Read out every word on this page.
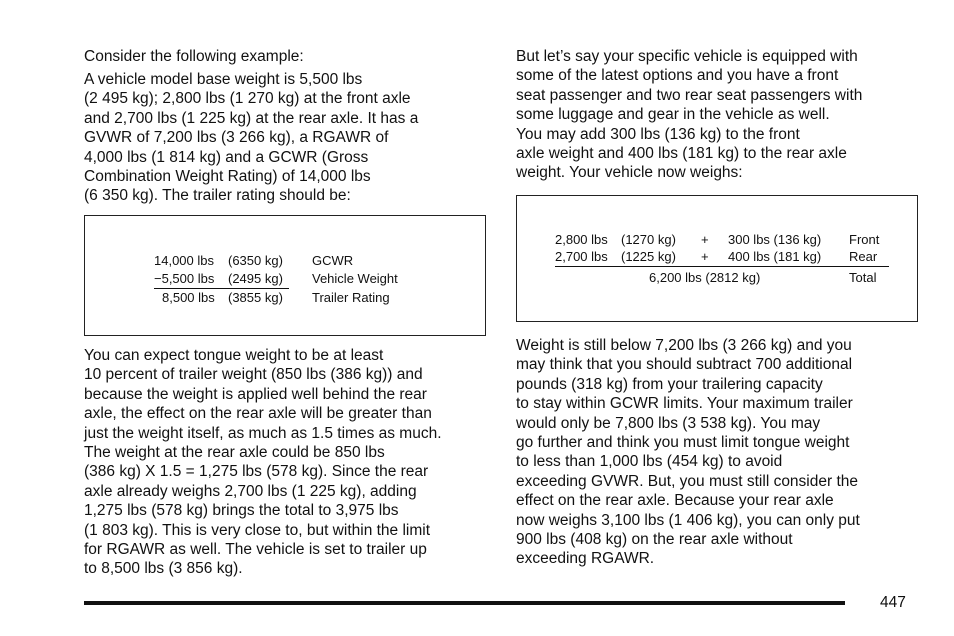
Consider the following example:

A vehicle model base weight is 5,500 lbs
(2 495 kg); 2,800 lbs (1 270 kg) at the front axle
and 2,700 lbs (1 225 kg) at the rear axle. It has a
GVWR of 7,200 lbs (3 266 kg), a RGAWR of
4,000 lbs (1 814 kg) and a GCWR (Gross
Combination Weight Rating) of 14,000 lbs
(6 350 kg). The trailer rating should be:

14,000 lbs (6350 kg) GCWR
−5,500 lbs (2495 kg) Vehicle Weight
8,500 lbs (3855 kg) Trailer Rating

You can expect tongue weight to be at least
10 percent of trailer weight (850 lbs (386 kg)) and
because the weight is applied well behind the rear
axle, the effect on the rear axle will be greater than
just the weight itself, as much as 1.5 times as much.
The weight at the rear axle could be 850 lbs
(386 kg) X 1.5 = 1,275 lbs (578 kg). Since the rear
axle already weighs 2,700 lbs (1 225 kg), adding
1,275 lbs (578 kg) brings the total to 3,975 lbs
(1 803 kg). This is very close to, but within the limit
for RGAWR as well. The vehicle is set to trailer up
to 8,500 lbs (3 856 kg).

But let’s say your specific vehicle is equipped with
some of the latest options and you have a front
seat passenger and two rear seat passengers with
some luggage and gear in the vehicle as well.
You may add 300 lbs (136 kg) to the front
axle weight and 400 lbs (181 kg) to the rear axle
weight. Your vehicle now weighs:

2,800 lbs (1270 kg) + 300 lbs (136 kg) Front
2,700 lbs (1225 kg) + 400 lbs (181 kg) Rear
6,200 lbs (2812 kg)	Total

Weight is still below 7,200 lbs (3 266 kg) and you
may think that you should subtract 700 additional
pounds (318 kg) from your trailering capacity
to stay within GCWR limits. Your maximum trailer
would only be 7,800 lbs (3 538 kg). You may
go further and think you must limit tongue weight
to less than 1,000 lbs (454 kg) to avoid
exceeding GVWR. But, you must still consider the
effect on the rear axle. Because your rear axle
now weighs 3,100 lbs (1 406 kg), you can only put
900 lbs (408 kg) on the rear axle without
exceeding RGAWR.

447
